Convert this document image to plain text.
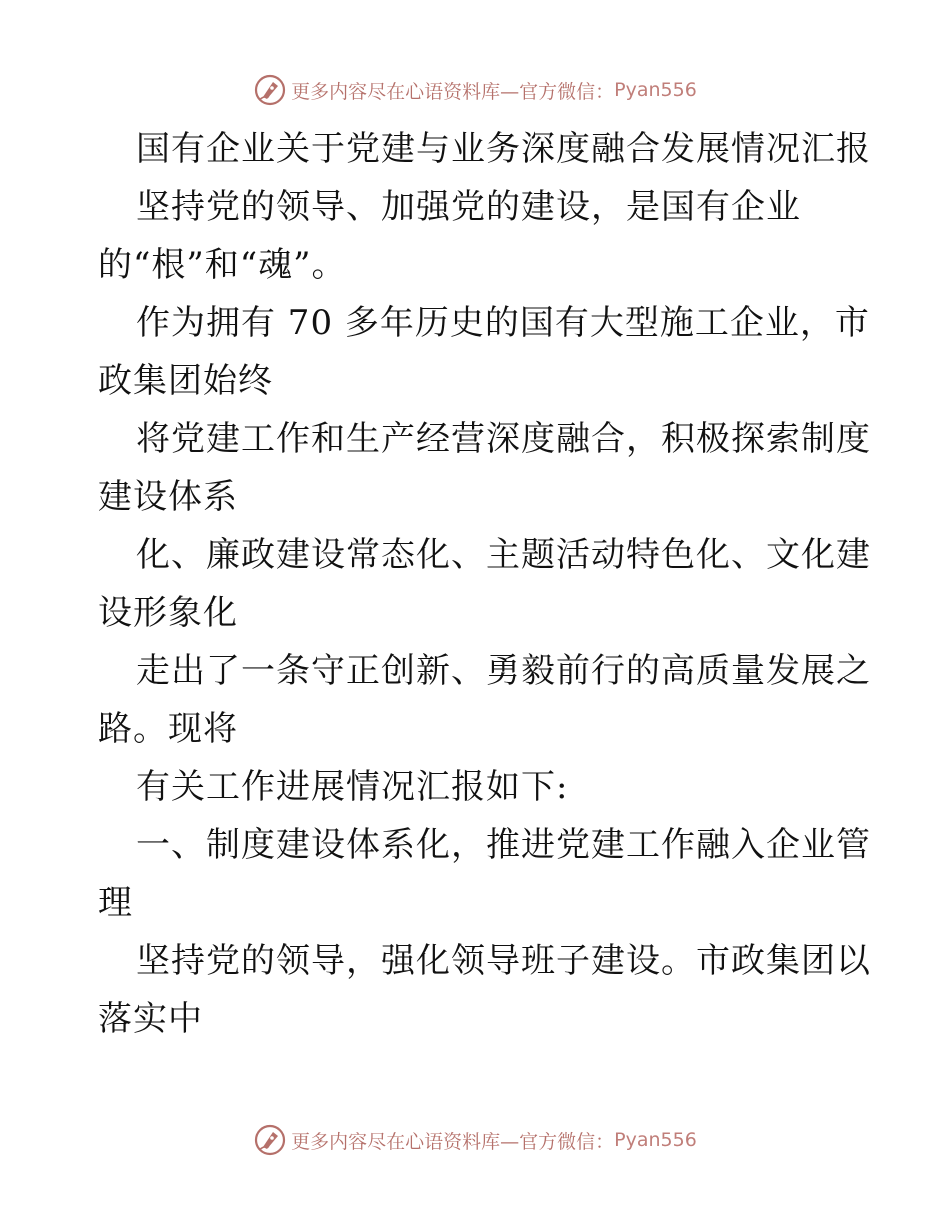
更多内容尽在心语资料库—官方微信： Pyan556
国有企业关于党建与业务深度融合发展情况汇报
坚持党的领导、加强党的建设，是国有企业
的“根”和“魂”。
作为拥有 70 多年历史的国有大型施工企业，市
政集团始终
将党建工作和生产经营深度融合，积极探索制度
建设体系
化、廉政建设常态化、主题活动特色化、文化建
设形象化
走出了一条守正创新、勇毅前行的高质量发展之
路。现将
有关工作进展情况汇报如下:
一、制度建设体系化，推进党建工作融入企业管
理
坚持党的领导，强化领导班子建设。市政集团以
落实中
更多内容尽在心语资料库—官方微信： Pyan556
